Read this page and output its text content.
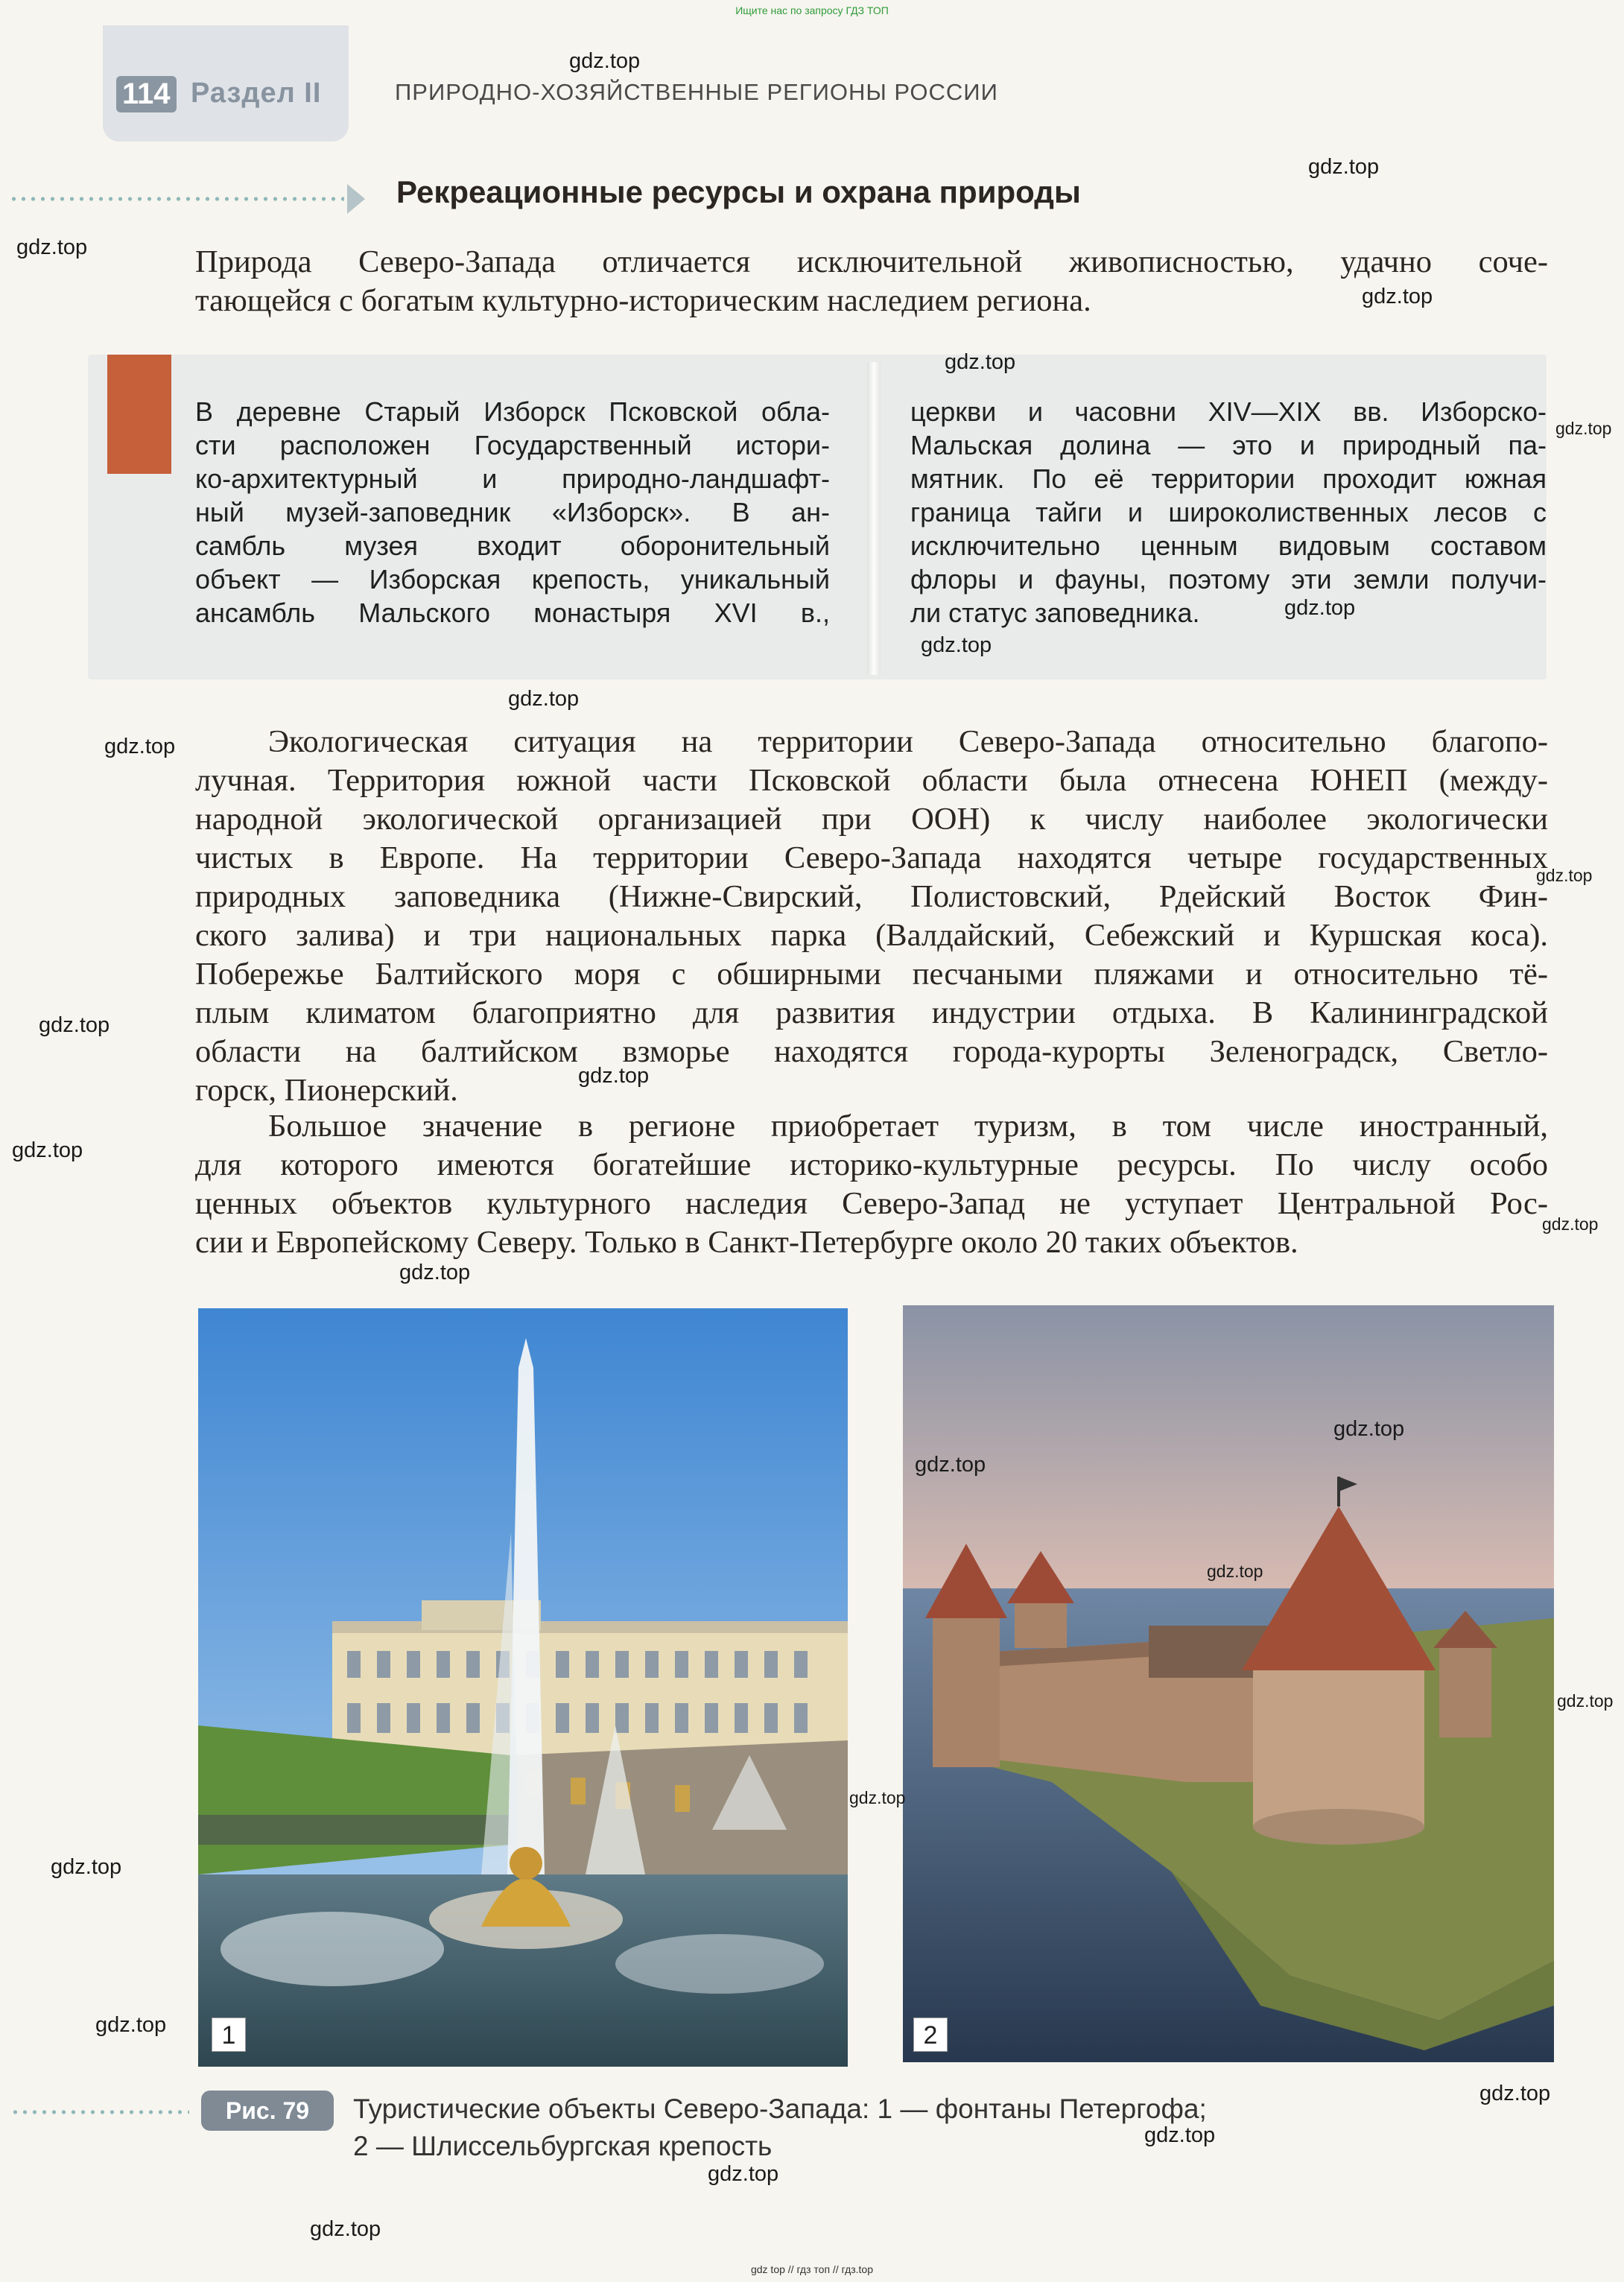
Ищите нас по запросу ГДЗ ТОП
114 Раздел II	ПРИРОДНО-ХОЗЯЙСТВЕННЫЕ РЕГИОНЫ РОССИИ
Рекреационные ресурсы и охрана природы
Природа Северо-Запада отличается исключительной живописностью, удачно соче-
тающейся с богатым культурно-историческим наследием региона.
В деревне Старый Изборск Псковской обла-
сти расположен Государственный истори-
ко-архитектурный и природно-ландшафт-
ный музей-заповедник «Изборск». В ан-
самбль музея входит оборонительный
объект — Изборская крепость, уникальный
ансамбль Мальского монастыря XVI в.,
церкви и часовни XIV—XIX вв. Изборско-
Мальская долина — это и природный па-
мятник. По её территории проходит южная
граница тайги и широколиственных лесов с
исключительно ценным видовым составом
флоры и фауны, поэтому эти земли получи-
ли статус заповедника.
Экологическая ситуация на территории Северо-Запада относительно благопо-
лучная. Территория южной части Псковской области была отнесена ЮНЕП (между-
народной экологической организацией при ООН) к числу наиболее экологически
чистых в Европе. На территории Северо-Запада находятся четыре государственных
природных заповедника (Нижне-Свирский, Полистовский, Рдейский Восток Фин-
ского залива) и три национальных парка (Валдайский, Себежский и Куршская коса).
Побережье Балтийского моря с обширными песчаными пляжами и относительно тё-
плым климатом благоприятно для развития индустрии отдыха. В Калининградской
области на балтийском взморье находятся города-курорты Зеленоградск, Светло-
горск, Пионерский.
Большое значение в регионе приобретает туризм, в том числе иностранный,
для которого имеются богатейшие историко-культурные ресурсы. По числу особо
ценных объектов культурного наследия Северо-Запад не уступает Центральной Рос-
сии и Европейскому Северу. Только в Санкт-Петербурге около 20 таких объектов.
1	2
Рис. 79	Туристические объекты Северо-Запада: 1 — фонтаны Петергофа;
2 — Шлиссельбургская крепость
gdz.top
gdz.top
gdz.top
gdz.top
gdz.top
gdz.top
gdz.top
gdz.top
gdz.top
gdz.top
gdz.top
gdz.top
gdz.top
gdz.top
gdz.top
gdz.top
gdz.top
gdz.top
gdz.top
gdz.top
gdz.top
gdz.top
gdz.top
gdz.top
gdz.top
gdz.top
gdz.top
gdz top // гдз топ // гдз.top
